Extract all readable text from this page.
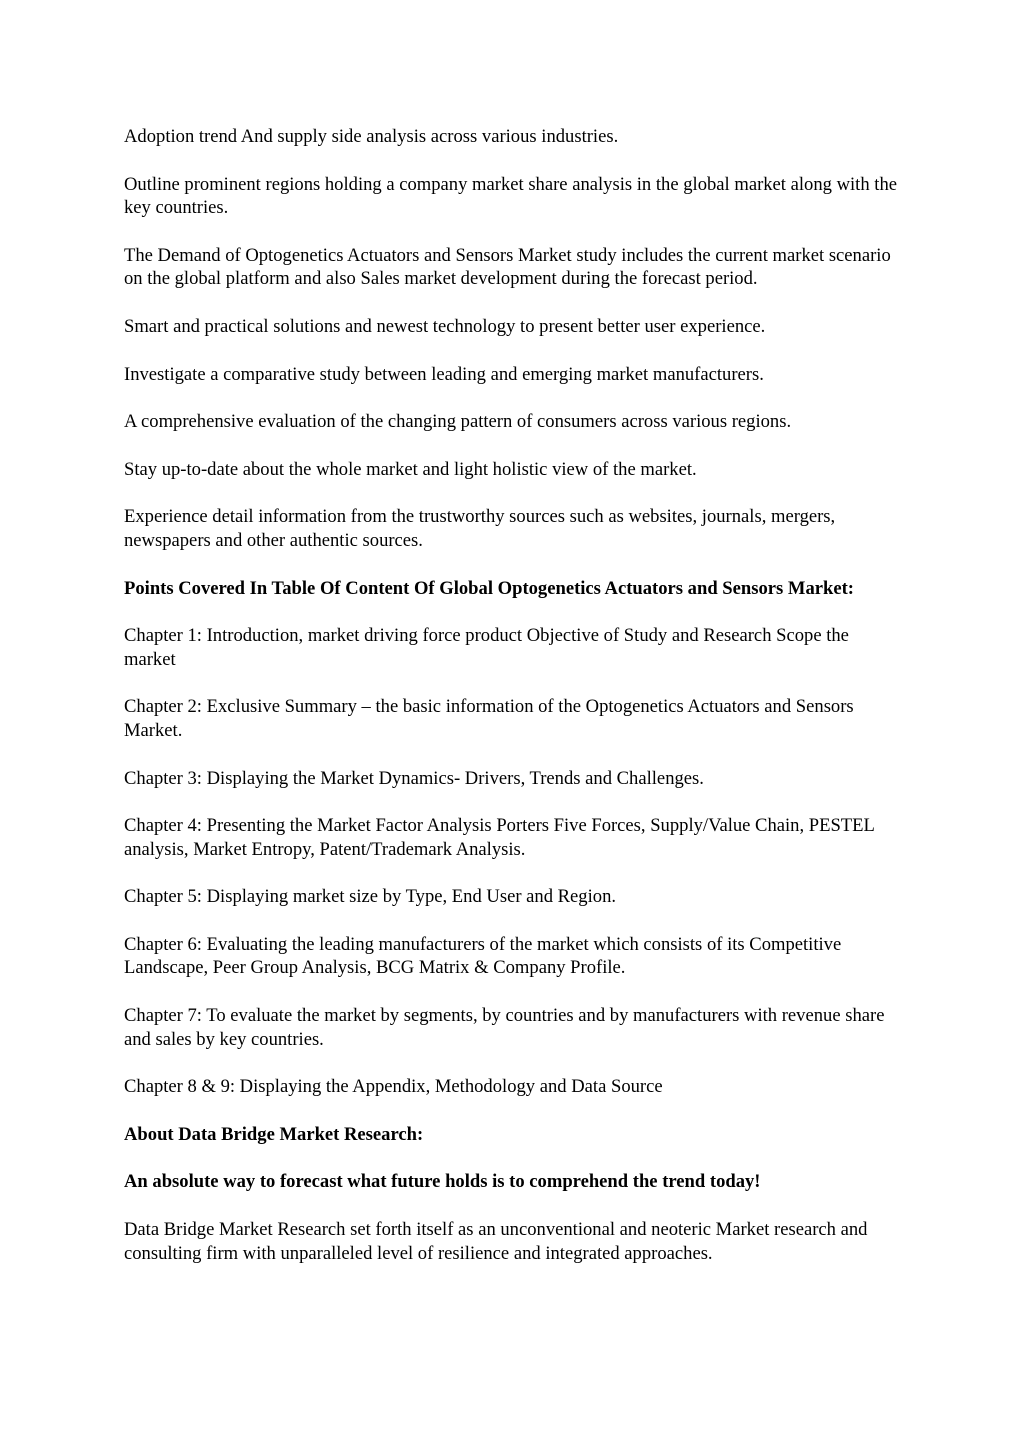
Adoption trend And supply side analysis across various industries.

Outline prominent regions holding a company market share analysis in the global market along with the key countries.

The Demand of Optogenetics Actuators and Sensors Market study includes the current market scenario on the global platform and also Sales market development during the forecast period.

Smart and practical solutions and newest technology to present better user experience.

Investigate a comparative study between leading and emerging market manufacturers.

A comprehensive evaluation of the changing pattern of consumers across various regions.

Stay up-to-date about the whole market and light holistic view of the market.

Experience detail information from the trustworthy sources such as websites, journals, mergers, newspapers and other authentic sources.

Points Covered In Table Of Content Of Global Optogenetics Actuators and Sensors Market:

Chapter 1: Introduction, market driving force product Objective of Study and Research Scope the market

Chapter 2: Exclusive Summary – the basic information of the Optogenetics Actuators and Sensors Market.

Chapter 3: Displaying the Market Dynamics- Drivers, Trends and Challenges.

Chapter 4: Presenting the Market Factor Analysis Porters Five Forces, Supply/Value Chain, PESTEL analysis, Market Entropy, Patent/Trademark Analysis.

Chapter 5: Displaying market size by Type, End User and Region.

Chapter 6: Evaluating the leading manufacturers of the market which consists of its Competitive Landscape, Peer Group Analysis, BCG Matrix & Company Profile.

Chapter 7: To evaluate the market by segments, by countries and by manufacturers with revenue share and sales by key countries.

Chapter 8 & 9: Displaying the Appendix, Methodology and Data Source

About Data Bridge Market Research:

An absolute way to forecast what future holds is to comprehend the trend today!

Data Bridge Market Research set forth itself as an unconventional and neoteric Market research and consulting firm with unparalleled level of resilience and integrated approaches.
